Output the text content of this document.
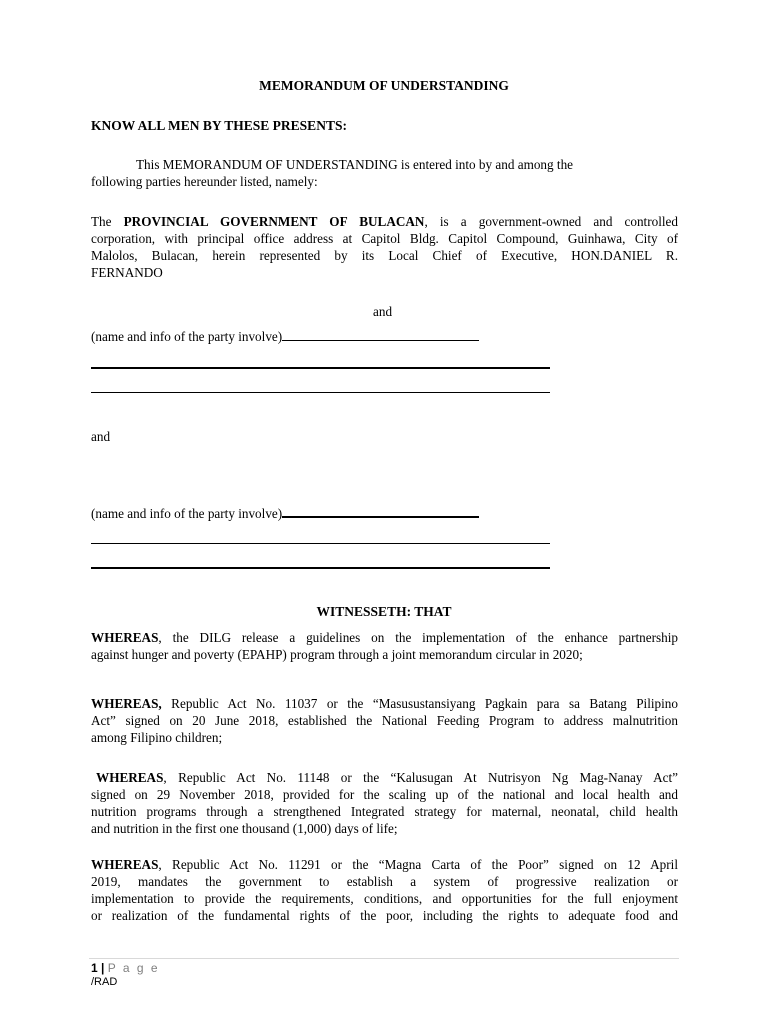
MEMORANDUM OF UNDERSTANDING
KNOW ALL MEN BY THESE PRESENTS:
This MEMORANDUM OF UNDERSTANDING is entered into by and among the
following parties hereunder listed, namely:
The PROVINCIAL GOVERNMENT OF BULACAN, is a government-owned and controlled
corporation, with principal office address at Capitol Bldg. Capitol Compound, Guinhawa, City of
Malolos, Bulacan, herein represented by its Local Chief of Executive, HON.DANIEL R.
FERNANDO
and
(name and info of the party involve)
and
(name and info of the party involve)
WITNESSETH: THAT
WHEREAS, the DILG release a guidelines on the implementation of the enhance partnership
against hunger and poverty (EPAHP) program through a joint memorandum circular in 2020;
WHEREAS, Republic Act No. 11037 or the “Masusustansiyang Pagkain para sa Batang Pilipino
Act” signed on 20 June 2018, established the National Feeding Program to address malnutrition
among Filipino children;
WHEREAS, Republic Act No. 11148 or the “Kalusugan At Nutrisyon Ng Mag-Nanay Act”
signed on 29 November 2018, provided for the scaling up of the national and local health and
nutrition programs through a strengthened Integrated strategy for maternal, neonatal, child health
and nutrition in the first one thousand (1,000) days of life;
WHEREAS, Republic Act No. 11291 or the “Magna Carta of the Poor” signed on 12 April
2019, mandates the government to establish a system of progressive realization or
implementation to provide the requirements, conditions, and opportunities for the full enjoyment
or realization of the fundamental rights of the poor, including the rights to adequate food and
1 | P a g e
/RAD
